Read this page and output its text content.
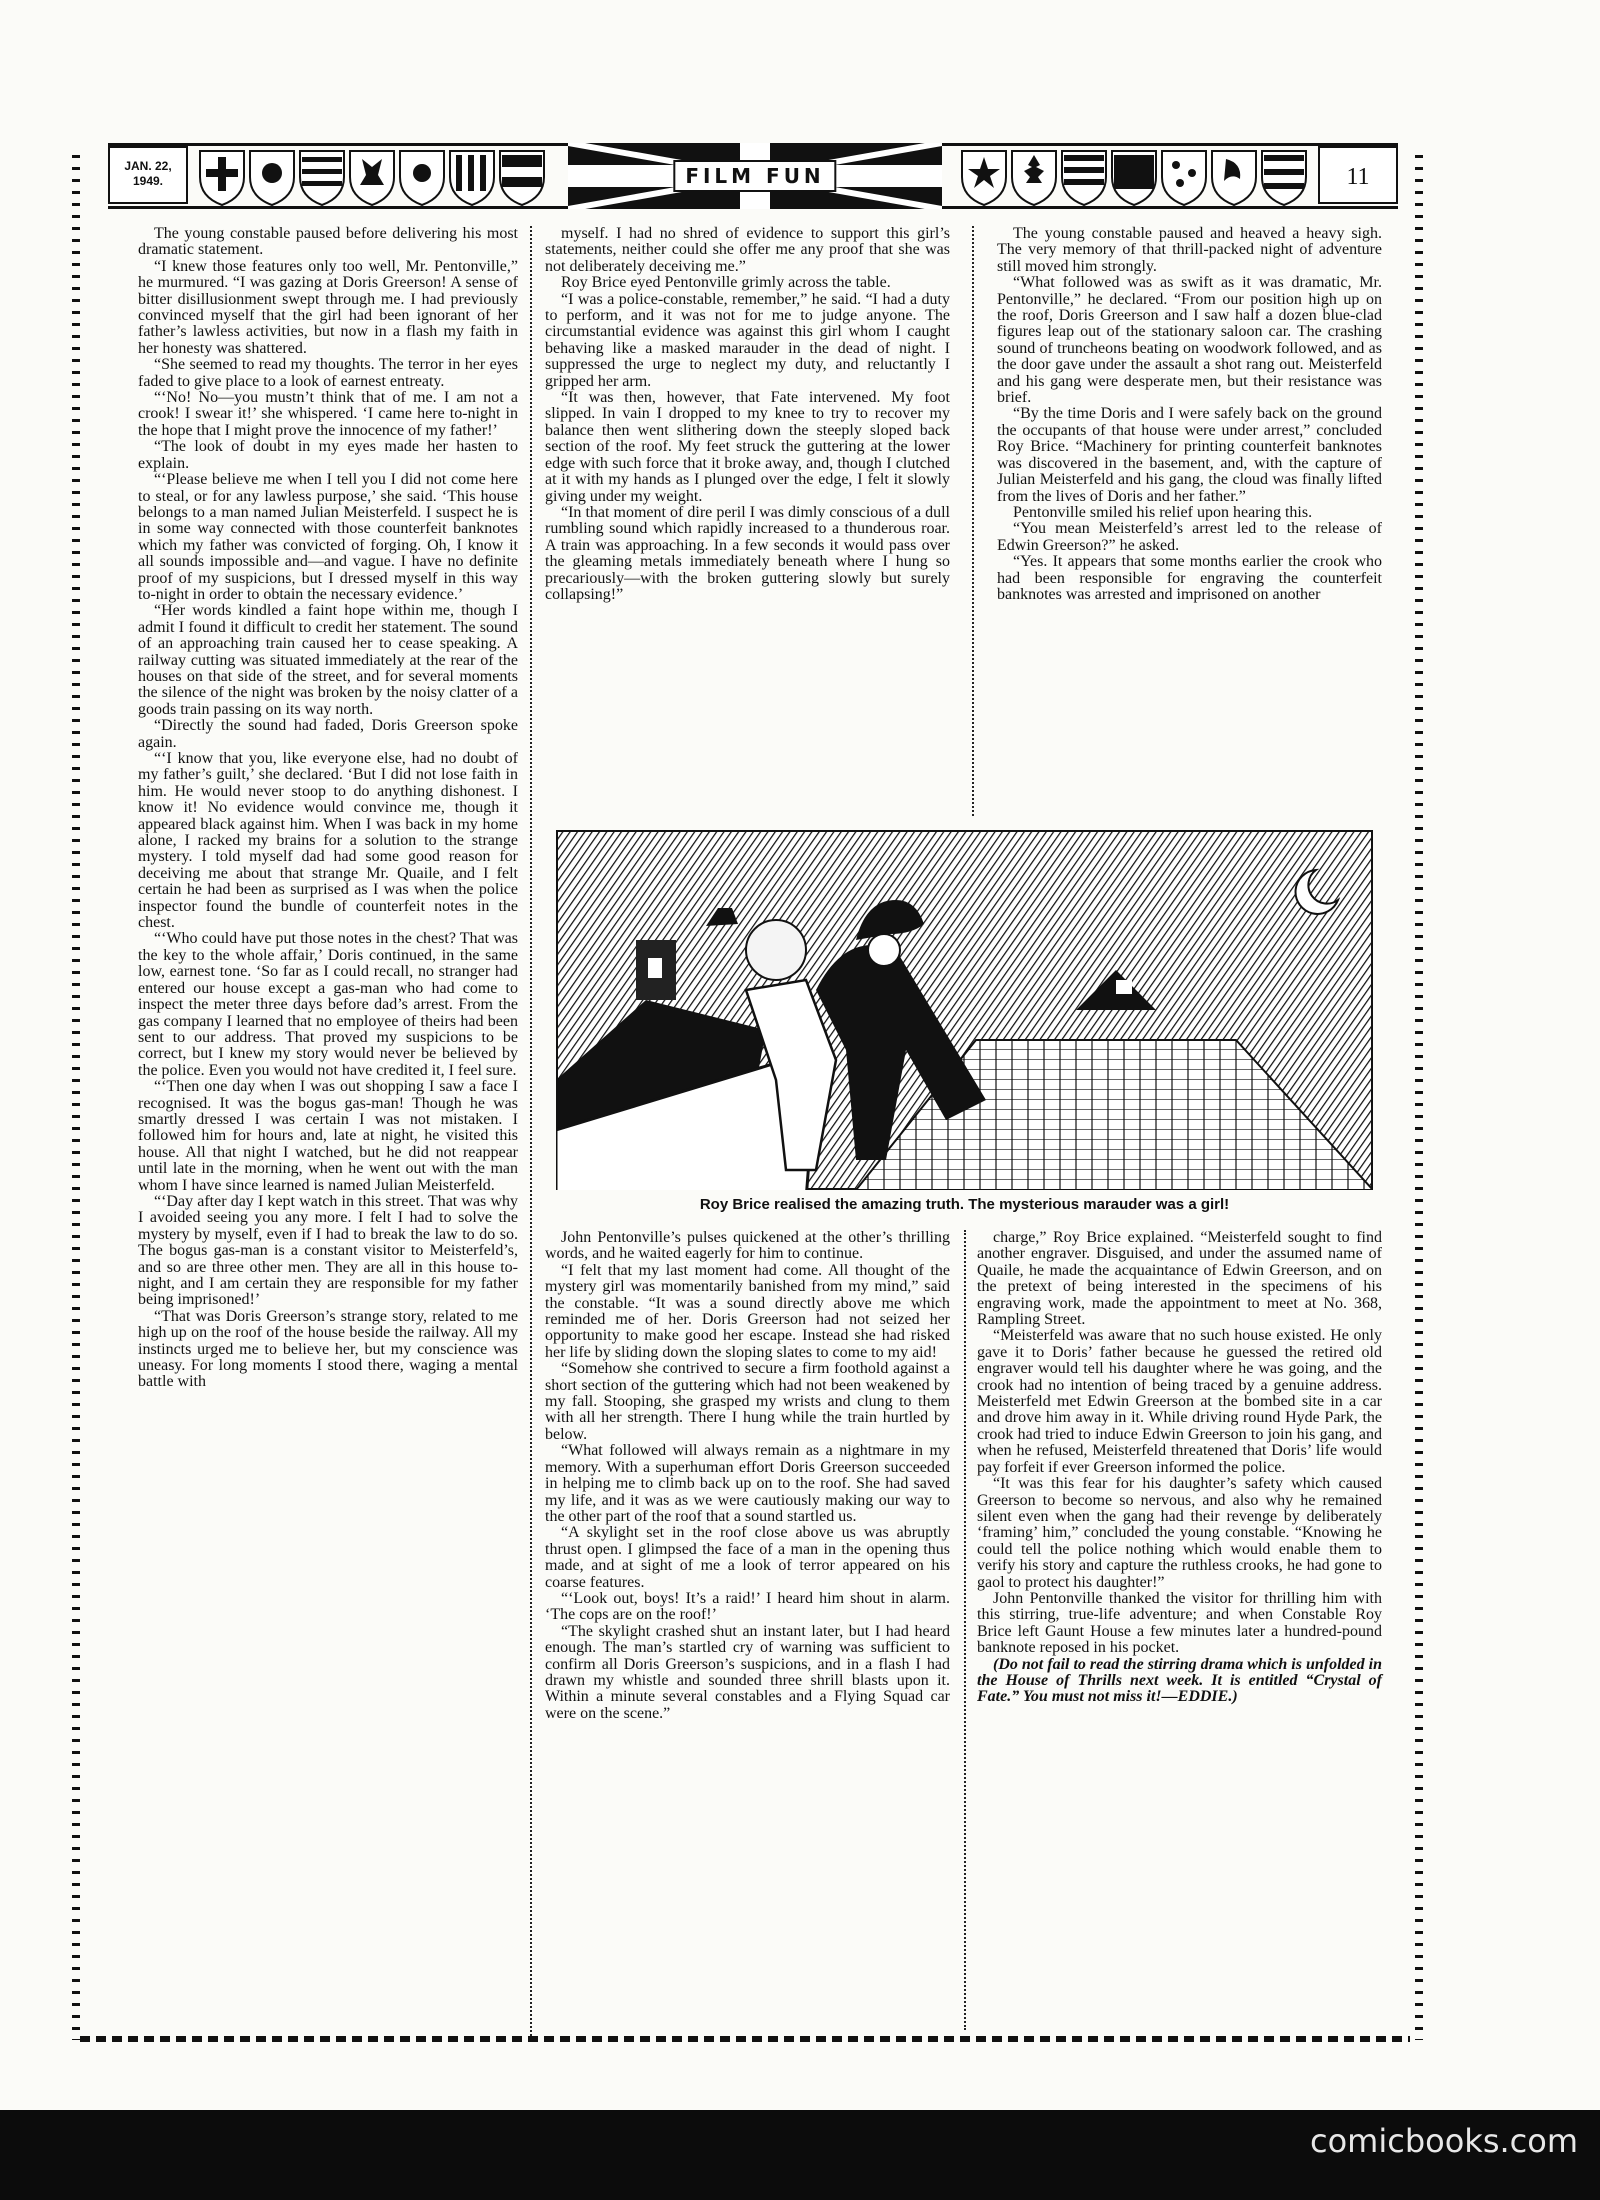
JAN. 22,
1949.	FILM FUN	11

The young constable paused before delivering his most dramatic statement.

“I knew those features only too well, Mr. Pentonville,” he murmured. “I was gazing at Doris Greerson! A sense of bitter disillusionment swept through me. I had previously convinced myself that the girl had been ignorant of her father’s lawless activities, but now in a flash my faith in her honesty was shattered.

“She seemed to read my thoughts. The terror in her eyes faded to give place to a look of earnest entreaty.

“‘No! No—you mustn’t think that of me. I am not a crook! I swear it!’ she whispered. ‘I came here to-night in the hope that I might prove the innocence of my father!’

“The look of doubt in my eyes made her hasten to explain.

“‘Please believe me when I tell you I did not come here to steal, or for any lawless purpose,’ she said. ‘This house belongs to a man named Julian Meisterfeld. I suspect he is in some way connected with those counterfeit banknotes which my father was convicted of forging. Oh, I know it all sounds impossible and—and vague. I have no definite proof of my suspicions, but I dressed myself in this way to-night in order to obtain the necessary evidence.’

“Her words kindled a faint hope within me, though I admit I found it difficult to credit her statement. The sound of an approaching train caused her to cease speaking. A railway cutting was situated immediately at the rear of the houses on that side of the street, and for several moments the silence of the night was broken by the noisy clatter of a goods train passing on its way north.

“Directly the sound had faded, Doris Greerson spoke again.

“‘I know that you, like everyone else, had no doubt of my father’s guilt,’ she declared. ‘But I did not lose faith in him. He would never stoop to do anything dishonest. I know it! No evidence would convince me, though it appeared black against him. When I was back in my home alone, I racked my brains for a solution to the strange mystery. I told myself dad had some good reason for deceiving me about that strange Mr. Quaile, and I felt certain he had been as surprised as I was when the police inspector found the bundle of counterfeit notes in the chest.

“‘Who could have put those notes in the chest? That was the key to the whole affair,’ Doris continued, in the same low, earnest tone. ‘So far as I could recall, no stranger had entered our house except a gas-man who had come to inspect the meter three days before dad’s arrest. From the gas company I learned that no employee of theirs had been sent to our address. That proved my suspicions to be correct, but I knew my story would never be believed by the police. Even you would not have credited it, I feel sure.

“‘Then one day when I was out shopping I saw a face I recognised. It was the bogus gas-man! Though he was smartly dressed I was certain I was not mistaken. I followed him for hours and, late at night, he visited this house. All that night I watched, but he did not reappear until late in the morning, when he went out with the man whom I have since learned is named Julian Meisterfeld.

“‘Day after day I kept watch in this street. That was why I avoided seeing you any more. I felt I had to solve the mystery by myself, even if I had to break the law to do so. The bogus gas-man is a constant visitor to Meisterfeld’s, and so are three other men. They are all in this house to-night, and I am certain they are responsible for my father being imprisoned!’

“That was Doris Greerson’s strange story, related to me high up on the roof of the house beside the railway. All my instincts urged me to believe her, but my conscience was uneasy. For long moments I stood there, waging a mental battle with

myself. I had no shred of evidence to support this girl’s statements, neither could she offer me any proof that she was not deliberately deceiving me.”

Roy Brice eyed Pentonville grimly across the table.

“I was a police-constable, remember,” he said. “I had a duty to perform, and it was not for me to judge anyone. The circumstantial evidence was against this girl whom I caught behaving like a masked marauder in the dead of night. I suppressed the urge to neglect my duty, and reluctantly I gripped her arm.

“It was then, however, that Fate intervened. My foot slipped. In vain I dropped to my knee to try to recover my balance then went slithering down the steeply sloped back section of the roof. My feet struck the guttering at the lower edge with such force that it broke away, and, though I clutched at it with my hands as I plunged over the edge, I felt it slowly giving under my weight.

“In that moment of dire peril I was dimly conscious of a dull rumbling sound which rapidly increased to a thunderous roar. A train was approaching. In a few seconds it would pass over the gleaming metals immediately beneath where I hung so precariously—with the broken guttering slowly but surely collapsing!”

The young constable paused and heaved a heavy sigh. The very memory of that thrill-packed night of adventure still moved him strongly.

“What followed was as swift as it was dramatic, Mr. Pentonville,” he declared. “From our position high up on the roof, Doris Greerson and I saw half a dozen blue-clad figures leap out of the stationary saloon car. The crashing sound of truncheons beating on woodwork followed, and as the door gave under the assault a shot rang out. Meisterfeld and his gang were desperate men, but their resistance was brief.

“By the time Doris and I were safely back on the ground the occupants of that house were under arrest,” concluded Roy Brice. “Machinery for printing counterfeit banknotes was discovered in the basement, and, with the capture of Julian Meisterfeld and his gang, the cloud was finally lifted from the lives of Doris and her father.”

Pentonville smiled his relief upon hearing this.

“You mean Meisterfeld’s arrest led to the release of Edwin Greerson?” he asked.

“Yes. It appears that some months earlier the crook who had been responsible for engraving the counterfeit banknotes was arrested and imprisoned on another

Roy Brice realised the amazing truth. The mysterious marauder was a girl!

John Pentonville’s pulses quickened at the other’s thrilling words, and he waited eagerly for him to continue.

“I felt that my last moment had come. All thought of the mystery girl was momentarily banished from my mind,” said the constable. “It was a sound directly above me which reminded me of her. Doris Greerson had not seized her opportunity to make good her escape. Instead she had risked her life by sliding down the sloping slates to come to my aid!

“Somehow she contrived to secure a firm foothold against a short section of the guttering which had not been weakened by my fall. Stooping, she grasped my wrists and clung to them with all her strength. There I hung while the train hurtled by below.

“What followed will always remain as a nightmare in my memory. With a superhuman effort Doris Greerson succeeded in helping me to climb back up on to the roof. She had saved my life, and it was as we were cautiously making our way to the other part of the roof that a sound startled us.

“A skylight set in the roof close above us was abruptly thrust open. I glimpsed the face of a man in the opening thus made, and at sight of me a look of terror appeared on his coarse features.

“‘Look out, boys! It’s a raid!’ I heard him shout in alarm. ‘The cops are on the roof!’

“The skylight crashed shut an instant later, but I had heard enough. The man’s startled cry of warning was sufficient to confirm all Doris Greerson’s suspicions, and in a flash I had drawn my whistle and sounded three shrill blasts upon it. Within a minute several constables and a Flying Squad car were on the scene.”

charge,” Roy Brice explained. “Meisterfeld sought to find another engraver. Disguised, and under the assumed name of Quaile, he made the acquaintance of Edwin Greerson, and on the pretext of being interested in the specimens of his engraving work, made the appointment to meet at No. 368, Rampling Street.

“Meisterfeld was aware that no such house existed. He only gave it to Doris’ father because he guessed the retired old engraver would tell his daughter where he was going, and the crook had no intention of being traced by a genuine address. Meisterfeld met Edwin Greerson at the bombed site in a car and drove him away in it. While driving round Hyde Park, the crook had tried to induce Edwin Greerson to join his gang, and when he refused, Meisterfeld threatened that Doris’ life would pay forfeit if ever Greerson informed the police.

“It was this fear for his daughter’s safety which caused Greerson to become so nervous, and also why he remained silent even when the gang had their revenge by deliberately ‘framing’ him,” concluded the young constable. “Knowing he could tell the police nothing which would enable them to verify his story and capture the ruthless crooks, he had gone to gaol to protect his daughter!”

John Pentonville thanked the visitor for thrilling him with this stirring, true-life adventure; and when Constable Roy Brice left Gaunt House a few minutes later a hundred-pound banknote reposed in his pocket.

(Do not fail to read the stirring drama which is unfolded in the House of Thrills next week. It is entitled “Crystal of Fate.” You must not miss it!—EDDIE.)

comicbooks.com
